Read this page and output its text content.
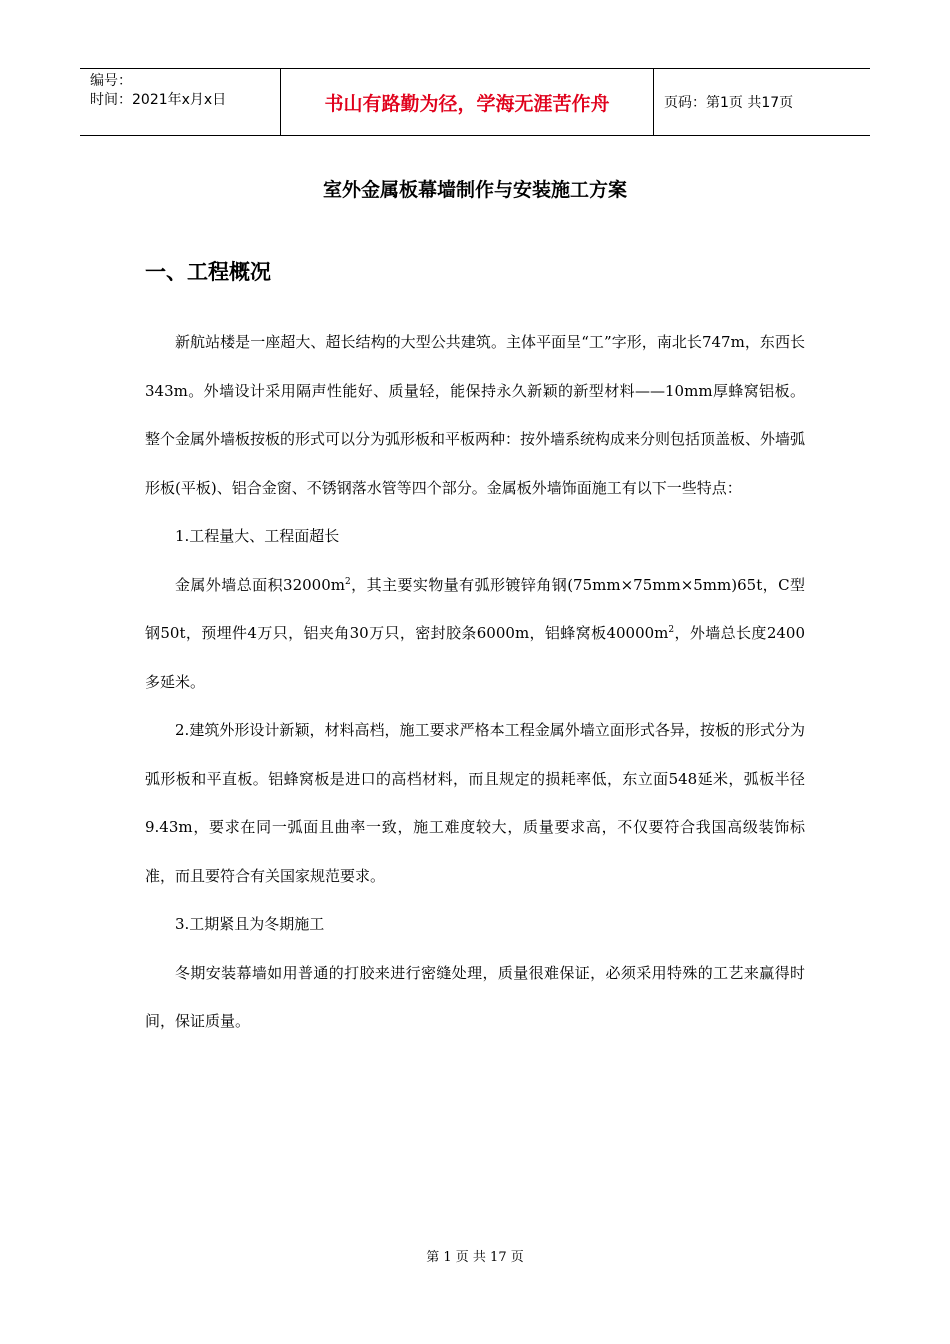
编号：
时间：2021年x月x日	书山有路勤为径，学海无涯苦作舟	页码：第1页 共17页
室外金属板幕墙制作与安装施工方案
一、工程概况

新航站楼是一座超大、超长结构的大型公共建筑。主体平面呈“工”字形，南北长747m，东西长343m。外墙设计采用隔声性能好、质量轻，能保持永久新颖的新型材料——10mm厚蜂窝铝板。整个金属外墙板按板的形式可以分为弧形板和平板两种：按外墙系统构成来分则包括顶盖板、外墙弧形板(平板)、铝合金窗、不锈钢落水管等四个部分。金属板外墙饰面施工有以下一些特点：

1.工程量大、工程面超长

金属外墙总面积$32000m^2$，其主要实物量有弧形镀锌角钢(75mm×75mm×5mm)65t，C型钢50t，预埋件4万只，铝夹角30万只，密封胶条6000m，铝蜂窝板$40000m^2$，外墙总长度2400多延米。

2.建筑外形设计新颖，材料高档，施工要求严格本工程金属外墙立面形式各异，按板的形式分为弧形板和平直板。铝蜂窝板是进口的高档材料，而且规定的损耗率低，东立面548延米，弧板半径9.43m，要求在同一弧面且曲率一致，施工难度较大，质量要求高，不仅要符合我国高级装饰标准，而且要符合有关国家规范要求。

3.工期紧且为冬期施工

冬期安装幕墙如用普通的打胶来进行密缝处理，质量很难保证，必须采用特殊的工艺来赢得时间，保证质量。

第 1 页 共 17 页
